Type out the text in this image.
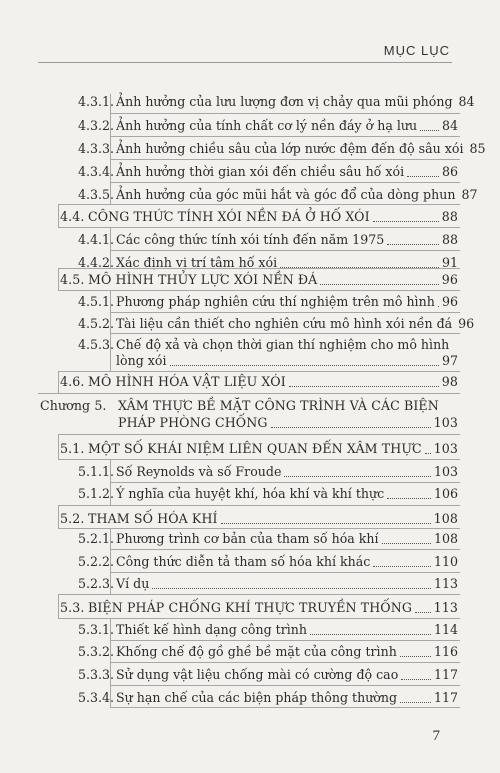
MỤC LỤC
4.3.1. Ảnh hưởng của lưu lượng đơn vị chảy qua mũi phóng 84
4.3.2. Ảnh hưởng của tính chất cơ lý nền đáy ở hạ lưu 84
4.3.3. Ảnh hưởng chiều sâu của lớp nước đệm đến độ sâu xói 85
4.3.4. Ảnh hưởng thời gian xói đến chiều sâu hố xói	86
4.3.5. Ảnh hưởng của góc mũi hắt và góc đổ của dòng phun 87
4.4. CÔNG THỨC TÍNH XÓI NỀN ĐÁ Ở HỐ XÓI	88
4.4.1. Các công thức tính xói tính đến năm 1975	88
4.4.2. Xác định vị trí tâm hố xói	91
4.5. MÔ HÌNH THỦY LỰC XÓI NỀN ĐÁ	96
4.5.1. Phương pháp nghiên cứu thí nghiệm trên mô hình 96
4.5.2. Tài liệu cần thiết cho nghiên cứu mô hình xói nền đá 96
4.5.3. Chế độ xả và chọn thời gian thí nghiệm cho mô hình
lòng xói	97
4.6. MÔ HÌNH HÓA VẬT LIỆU XÓI	98
Chương 5. XÂM THỰC BỀ MẶT CÔNG TRÌNH VÀ CÁC BIỆN
PHÁP PHÒNG CHỐNG	103
5.1. MỘT SỐ KHÁI NIỆM LIÊN QUAN ĐẾN XÂM THỰC 103
5.1.1. Số Reynolds và số Froude	103
5.1.2. Ý nghĩa của huyệt khí, hóa khí và khí thực	106
5.2. THAM SỐ HÓA KHÍ	108
5.2.1. Phương trình cơ bản của tham số hóa khí	108
5.2.2. Công thức diễn tả tham số hóa khí khác	110
5.2.3. Ví dụ	113
5.3. BIỆN PHÁP CHỐNG KHÍ THỰC TRUYỀN THỐNG 113
5.3.1. Thiết kế hình dạng công trình	114
5.3.2. Khống chế độ gồ ghề bề mặt của công trình	116
5.3.3. Sử dụng vật liệu chống mài có cường độ cao	117
5.3.4. Sự hạn chế của các biện pháp thông thường	117
7
